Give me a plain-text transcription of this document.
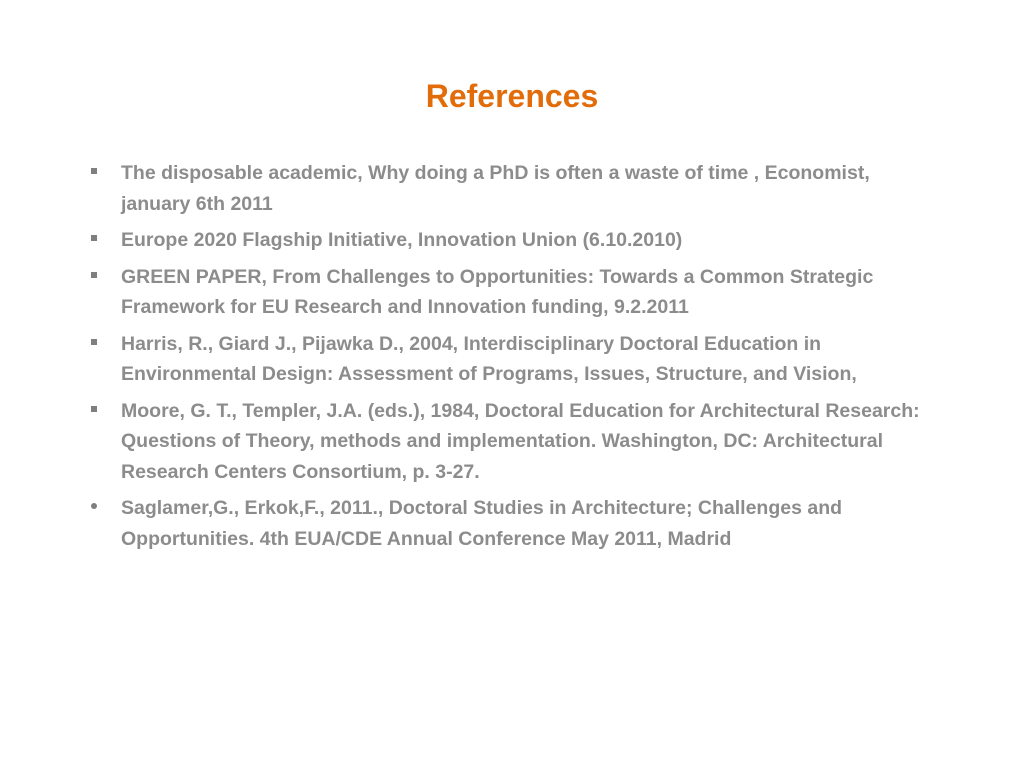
References
The disposable academic, Why doing a PhD is often a waste of time , Economist, january 6th 2011
Europe 2020 Flagship Initiative, Innovation Union (6.10.2010)
GREEN PAPER, From Challenges to Opportunities: Towards a Common Strategic Framework for EU Research and Innovation funding, 9.2.2011
Harris, R., Giard J., Pijawka D., 2004, Interdisciplinary Doctoral Education in Environmental Design: Assessment of Programs, Issues, Structure, and Vision,
Moore, G. T., Templer, J.A. (eds.), 1984, Doctoral Education for Architectural Research: Questions of Theory, methods and implementation. Washington, DC: Architectural Research Centers Consortium, p. 3-27.
Saglamer,G., Erkok,F., 2011., Doctoral Studies in Architecture; Challenges and Opportunities. 4th EUA/CDE Annual Conference May 2011, Madrid
